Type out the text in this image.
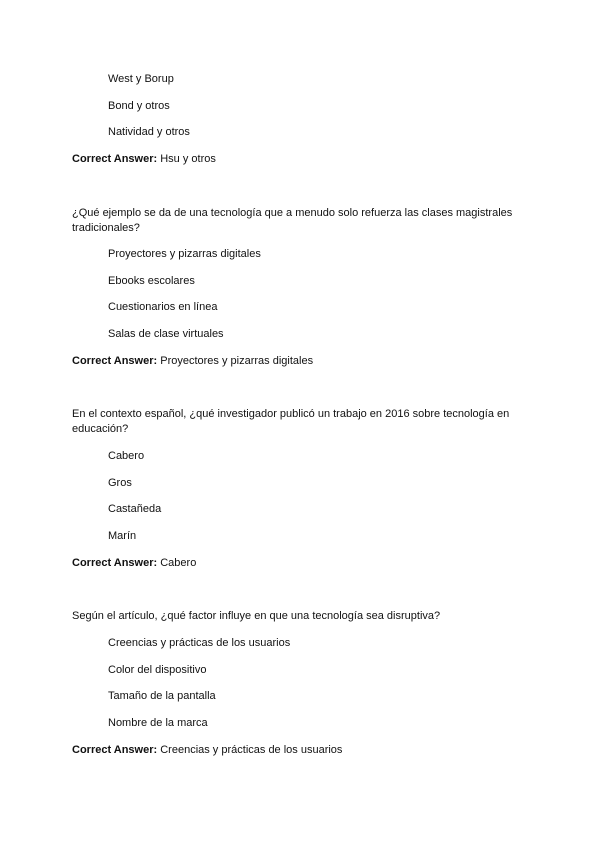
West y Borup
Bond y otros
Natividad y otros
Correct Answer: Hsu y otros
¿Qué ejemplo se da de una tecnología que a menudo solo refuerza las clases magistrales tradicionales?
Proyectores y pizarras digitales
Ebooks escolares
Cuestionarios en línea
Salas de clase virtuales
Correct Answer: Proyectores y pizarras digitales
En el contexto español, ¿qué investigador publicó un trabajo en 2016 sobre tecnología en educación?
Cabero
Gros
Castañeda
Marín
Correct Answer: Cabero
Según el artículo, ¿qué factor influye en que una tecnología sea disruptiva?
Creencias y prácticas de los usuarios
Color del dispositivo
Tamaño de la pantalla
Nombre de la marca
Correct Answer: Creencias y prácticas de los usuarios
